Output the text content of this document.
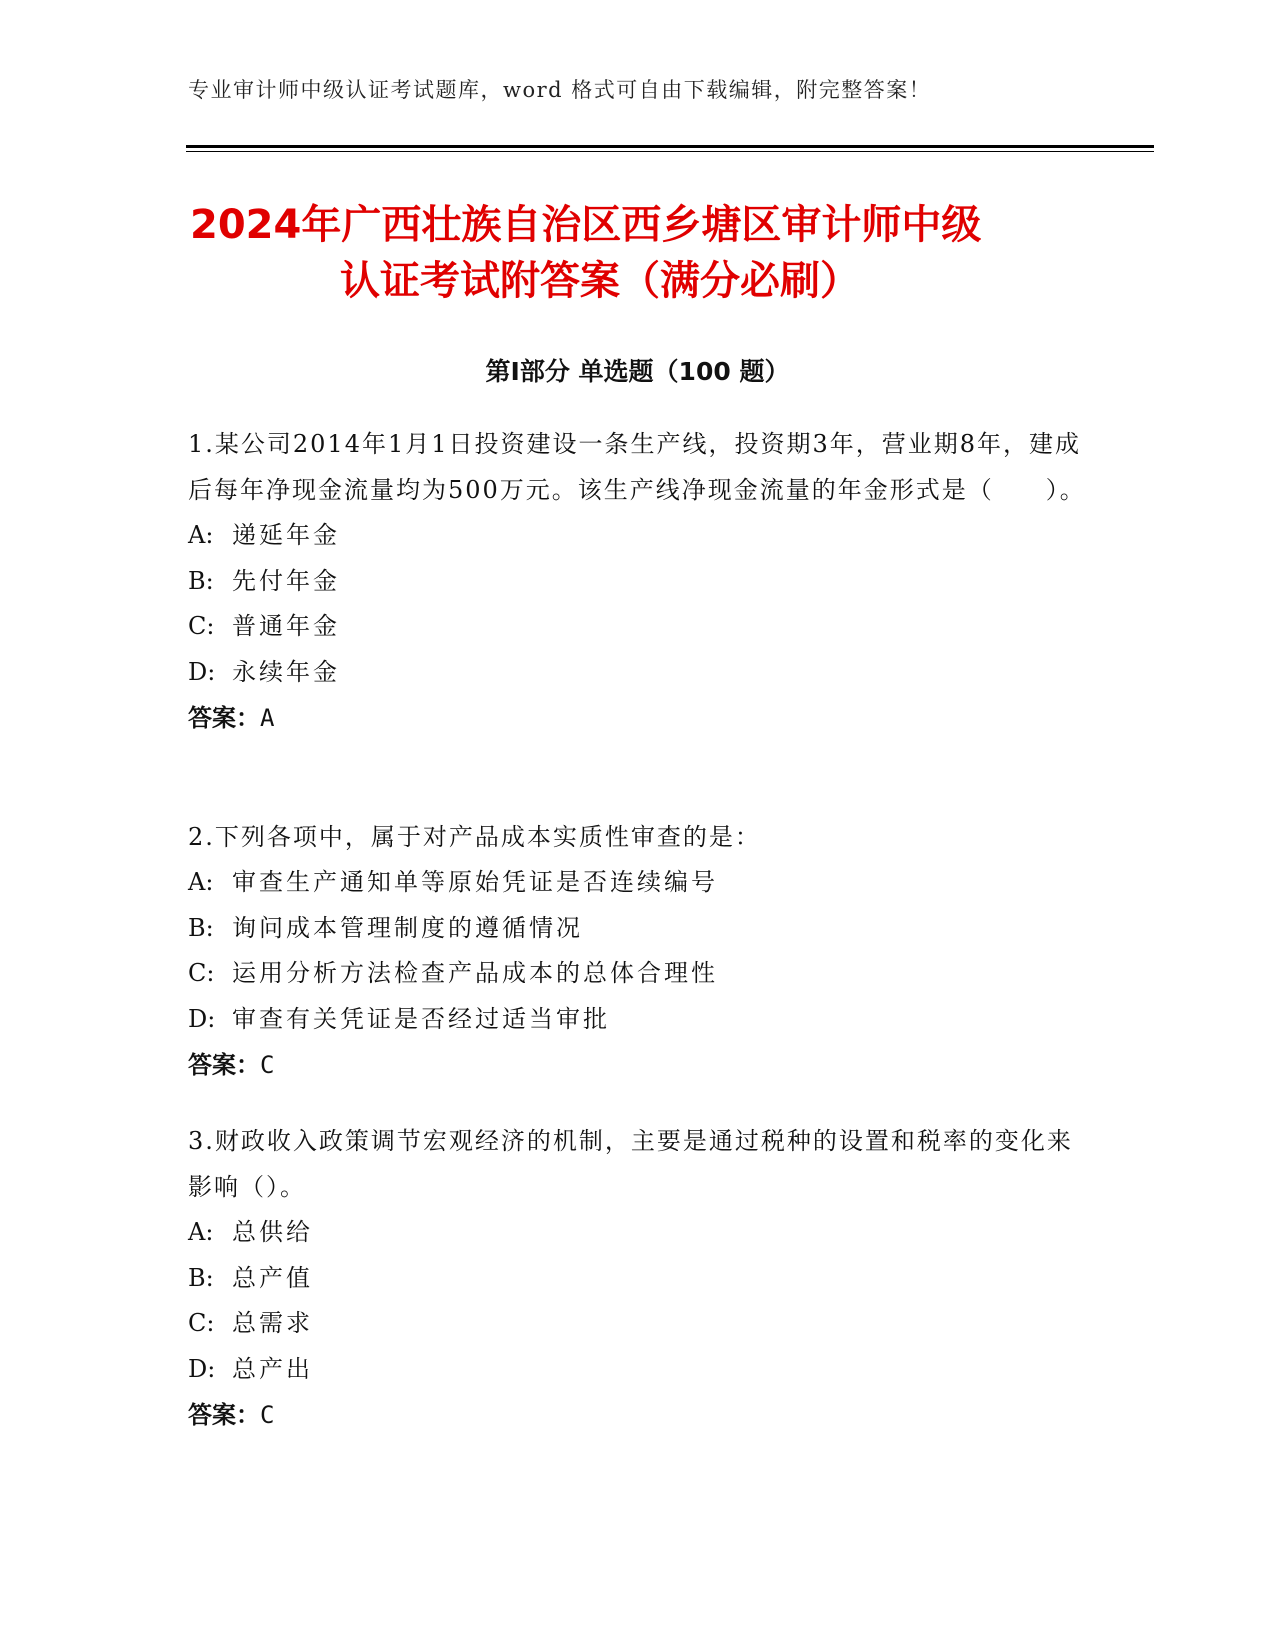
专业审计师中级认证考试题库，word 格式可自由下载编辑，附完整答案！
2024年广西壮族自治区西乡塘区审计师中级
认证考试附答案（满分必刷）
第Ⅰ部分 单选题（100 题）
1.某公司2014年1月1日投资建设一条生产线，投资期3年，营业期8年，建成后每年净现金流量均为500万元。该生产线净现金流量的年金形式是（　　）。
A: 递延年金
B: 先付年金
C: 普通年金
D: 永续年金
答案：A
2.下列各项中，属于对产品成本实质性审查的是：
A: 审查生产通知单等原始凭证是否连续编号
B: 询问成本管理制度的遵循情况
C: 运用分析方法检查产品成本的总体合理性
D: 审查有关凭证是否经过适当审批
答案：C
3.财政收入政策调节宏观经济的机制，主要是通过税种的设置和税率的变化来影响（）。
A: 总供给
B: 总产值
C: 总需求
D: 总产出
答案：C
